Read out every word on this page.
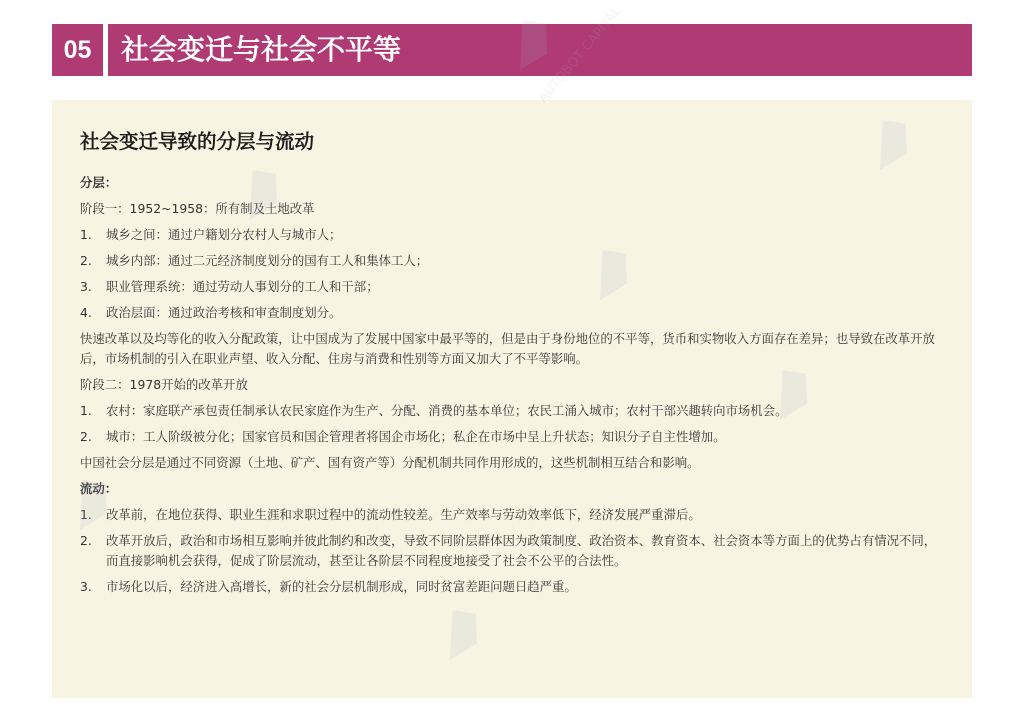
05	社会变迁与社会不平等
社会变迁导致的分层与流动

分层：

阶段一：1952~1958：所有制及土地改革

1.	城乡之间：通过户籍划分农村人与城市人；
2.	城乡内部：通过二元经济制度划分的国有工人和集体工人；
3.	职业管理系统：通过劳动人事划分的工人和干部；
4.	政治层面：通过政治考核和审查制度划分。

快速改革以及均等化的收入分配政策，让中国成为了发展中国家中最平等的，但是由于身份地位的不平等，货币和实物收入方面存在差异；也导致在改革开放后，市场机制的引入在职业声望、收入分配、住房与消费和性别等方面又加大了不平等影响。

阶段二：1978开始的改革开放

1.	农村：家庭联产承包责任制承认农民家庭作为生产、分配、消费的基本单位；农民工涌入城市；农村干部兴趣转向市场机会。
2.	城市：工人阶级被分化；国家官员和国企管理者将国企市场化；私企在市场中呈上升状态；知识分子自主性增加。

中国社会分层是通过不同资源（土地、矿产、国有资产等）分配机制共同作用形成的，这些机制相互结合和影响。

流动：

1.	改革前，在地位获得、职业生涯和求职过程中的流动性较差。生产效率与劳动效率低下，经济发展严重滞后。
2.	改革开放后，政治和市场相互影响并彼此制约和改变，导致不同阶层群体因为政策制度、政治资本、教育资本、社会资本等方面上的优势占有情况不同，而直接影响机会获得，促成了阶层流动，甚至让各阶层不同程度地接受了社会不公平的合法性。
3.	市场化以后，经济进入高增长，新的社会分层机制形成，同时贫富差距问题日趋严重。
